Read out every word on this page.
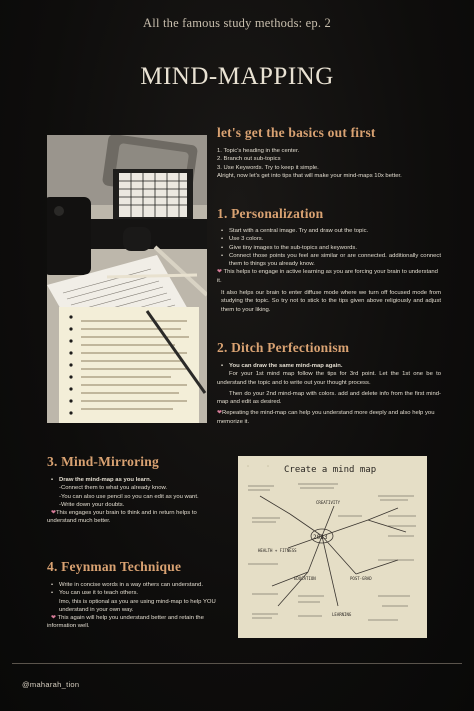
All the famous study methods: ep. 2
MIND-MAPPING
let's get the basics out first

1. Topic's heading in the center.

2. Branch out sub-topics

3. Use Keywords. Try to keep it simple.

Alright, now let's get into tips that will make your mind-maps 10x better.

1. Personalization
• Start with a central image. Try and draw out the topic.
• Use 3 colors.
• Give tiny images to the sub-topics and keywords.
• Connect those points you feel are similar or are connected. additionally connect them to things you already know.

❤ This helps to engage in active learning as you are forcing your brain to understand it.

It also helps our brain to enter diffuse mode where we turn off focused mode from studying the topic. So try not to stick to the tips given above religiously and adjust them to your liking.

2. Ditch Perfectionism
• You can draw the same mind-map again.

For your 1st mind map follow the tips for 3rd point. Let the 1st one be to understand the topic and to write out your thought process.

Then do your 2nd mind-map with colors. add and delete info from the first mind-map and edit as desired.

❤Repeating the mind-map can help you understand more deeply and also help you memorize it.

3. Mind-Mirroring
• Draw the mind-map as you learn.

-Connect them to what you already know.

-You can also use pencil so you can edit as you want.

-Write down your doubts.

❤This engages your brain to think and in return helps to understand much better.

4. Feynman Technique
• Write in concise words in a way others can understand.
• You can use it to teach others.

Imo, this is optional as you are using mind-map to help YOU understand in your own way.

❤ This again will help you understand better and retain the information well.

Create a mind map
2023
CREATIVITY
HEALTH + FITNESS
EDUCATION	POST-GRAD
LEARNING
@maharah_tion
